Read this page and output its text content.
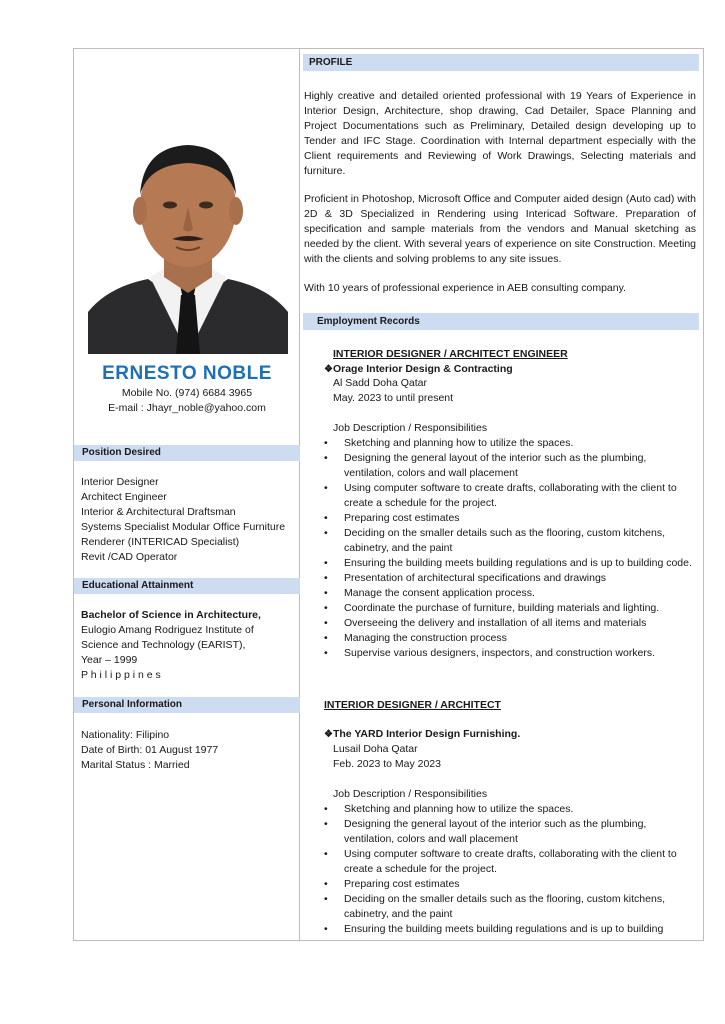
ERNESTO NOBLE
Mobile No. (974) 6684 3965
E-mail : Jhayr_noble@yahoo.com
Position Desired
Interior Designer
Architect Engineer
Interior & Architectural Draftsman
Systems Specialist Modular Office Furniture
Renderer (INTERICAD Specialist)
Revit /CAD Operator
Educational Attainment
Bachelor of Science in Architecture,
Eulogio Amang Rodriguez Institute of
Science and Technology (EARIST),
Year – 1999
P h i l i p p i n e s
Personal Information
Nationality: Filipino
Date of Birth: 01 August 1977
Marital Status : Married
PROFILE
Highly creative and detailed oriented professional with 19 Years of Experience in Interior Design, Architecture, shop drawing, Cad Detailer, Space Planning and Project Documentations such as Preliminary, Detailed design developing up to Tender and IFC Stage. Coordination with Internal department especially with the Client requirements and Reviewing of Work Drawings, Selecting materials and furniture.
Proficient in Photoshop, Microsoft Office and Computer aided design (Auto cad) with 2D & 3D Specialized in Rendering using Intericad Software. Preparation of specification and sample materials from the vendors and Manual sketching as needed by the client. With several years of experience on site Construction. Meeting with the clients and solving problems to any site issues.
With 10 years of professional experience in AEB consulting company.
Employment Records
INTERIOR DESIGNER / ARCHITECT ENGINEER
❖Orage Interior Design & Contracting
Al Sadd Doha Qatar
May. 2023 to until present
Job Description / Responsibilities
• Sketching and planning how to utilize the spaces.
• Designing the general layout of the interior such as the plumbing, ventilation, colors and wall placement
• Using computer software to create drafts, collaborating with the client to create a schedule for the project.
• Preparing cost estimates
• Deciding on the smaller details such as the flooring, custom kitchens, cabinetry, and the paint
• Ensuring the building meets building regulations and is up to building code.
• Presentation of architectural specifications and drawings
• Manage the consent application process.
• Coordinate the purchase of furniture, building materials and lighting.
• Overseeing the delivery and installation of all items and materials
• Managing the construction process
• Supervise various designers, inspectors, and construction workers.
INTERIOR DESIGNER / ARCHITECT
❖The YARD Interior Design Furnishing.
Lusail Doha Qatar
Feb. 2023 to May 2023
Job Description / Responsibilities
• Sketching and planning how to utilize the spaces.
• Designing the general layout of the interior such as the plumbing, ventilation, colors and wall placement
• Using computer software to create drafts, collaborating with the client to create a schedule for the project.
• Preparing cost estimates
• Deciding on the smaller details such as the flooring, custom kitchens, cabinetry, and the paint
• Ensuring the building meets building regulations and is up to building
